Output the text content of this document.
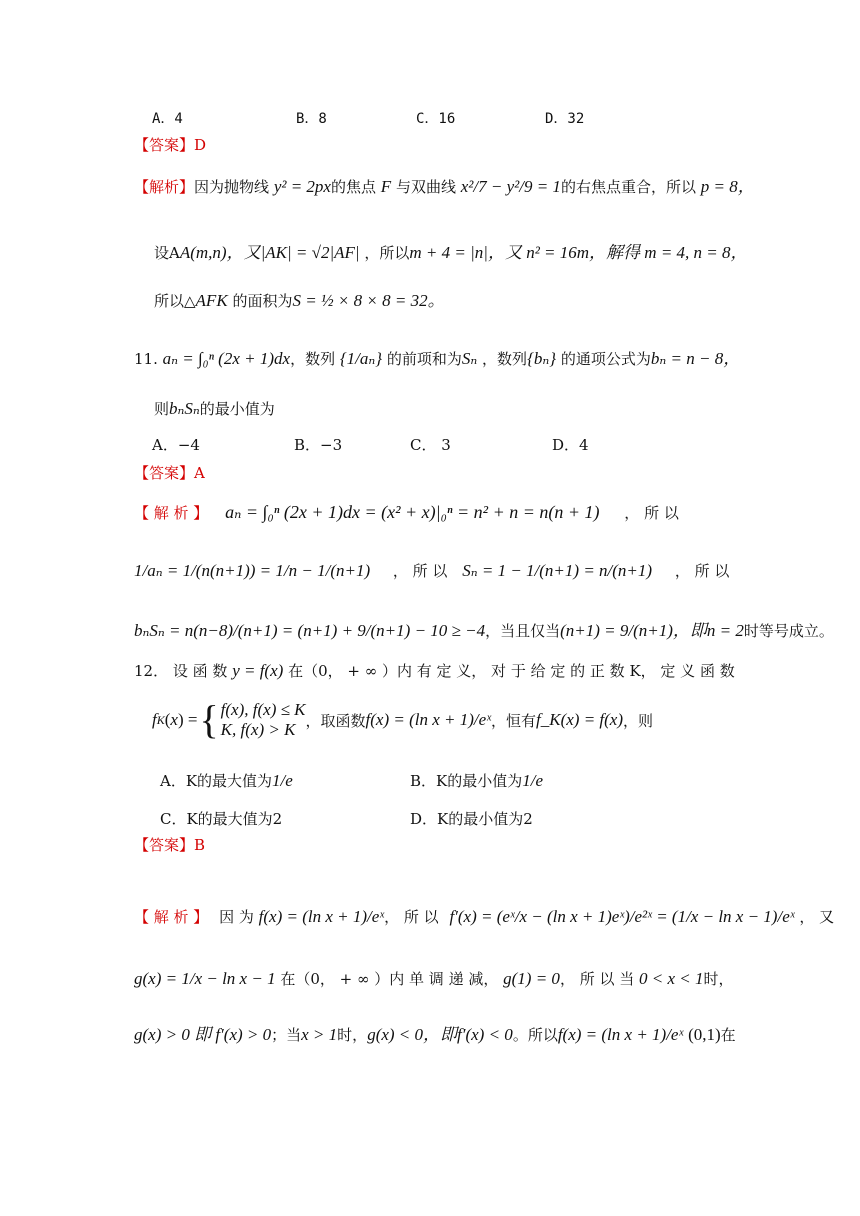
A．4	B．8	C．16	D．32
【答案】D
【解析】因为抛物线 y² = 2px的焦点 F 与双曲线 x²/7 − y²/9 = 1的右焦点重合，所以 p = 8，
设AA(m,n)，又|AK| = √2|AF| ，所以m + 4 = |n|，又 n² = 16m，解得 m = 4, n = 8，
所以△AFK 的面积为S = ½ × 8 × 8 = 32。
11. aₙ = ∫₀ⁿ (2x + 1)dx，数列 {1/aₙ} 的前项和为Sₙ ，数列{bₙ} 的通项公式为bₙ = n − 8，
则bₙSₙ的最小值为
A．−4	B．−3	C． 3	D．4
【答案】A
【 解 析 】 aₙ = ∫₀ⁿ (2x + 1)dx = (x² + x)|₀ⁿ = n² + n = n(n + 1) ， 所 以
1/aₙ = 1/(n(n+1)) = 1/n − 1/(n+1) ， 所 以 Sₙ = 1 − 1/(n+1) = n/(n+1) ， 所 以
bₙSₙ = n(n−8)/(n+1) = (n+1) + 9/(n+1) − 10 ≥ −4，当且仅当(n+1) = 9/(n+1)，即n = 2时等号成立。
12． 设 函 数 y = f(x) 在（0， + ∞ ）内 有 定 义， 对 于 给 定 的 正 数 K， 定 义 函 数
f K ( x ) = { f(x), f(x) ≤ K
K, f(x) > K ，取函数 f(x) = (ln x + 1)/eˣ ，恒有 f_K(x) = f(x) ，则
A．K的最大值为1/e	B．K的最小值为1/e
C．K的最大值为2	D．K的最小值为2
【答案】B
【 解 析 】 因 为 f(x) = (ln x + 1)/eˣ， 所 以 f′(x) = (eˣ/x − (ln x + 1)eˣ)/e²ˣ = (1/x − ln x − 1)/eˣ ， 又
g(x) = 1/x − ln x − 1 在（0， + ∞ ）内 单 调 递 减， g(1) = 0， 所 以 当 0 < x < 1时，
g(x) > 0 即 f′(x) > 0；当x > 1时，g(x) < 0，即f′(x) < 0。所以f(x) = (ln x + 1)/eˣ (0,1)在
